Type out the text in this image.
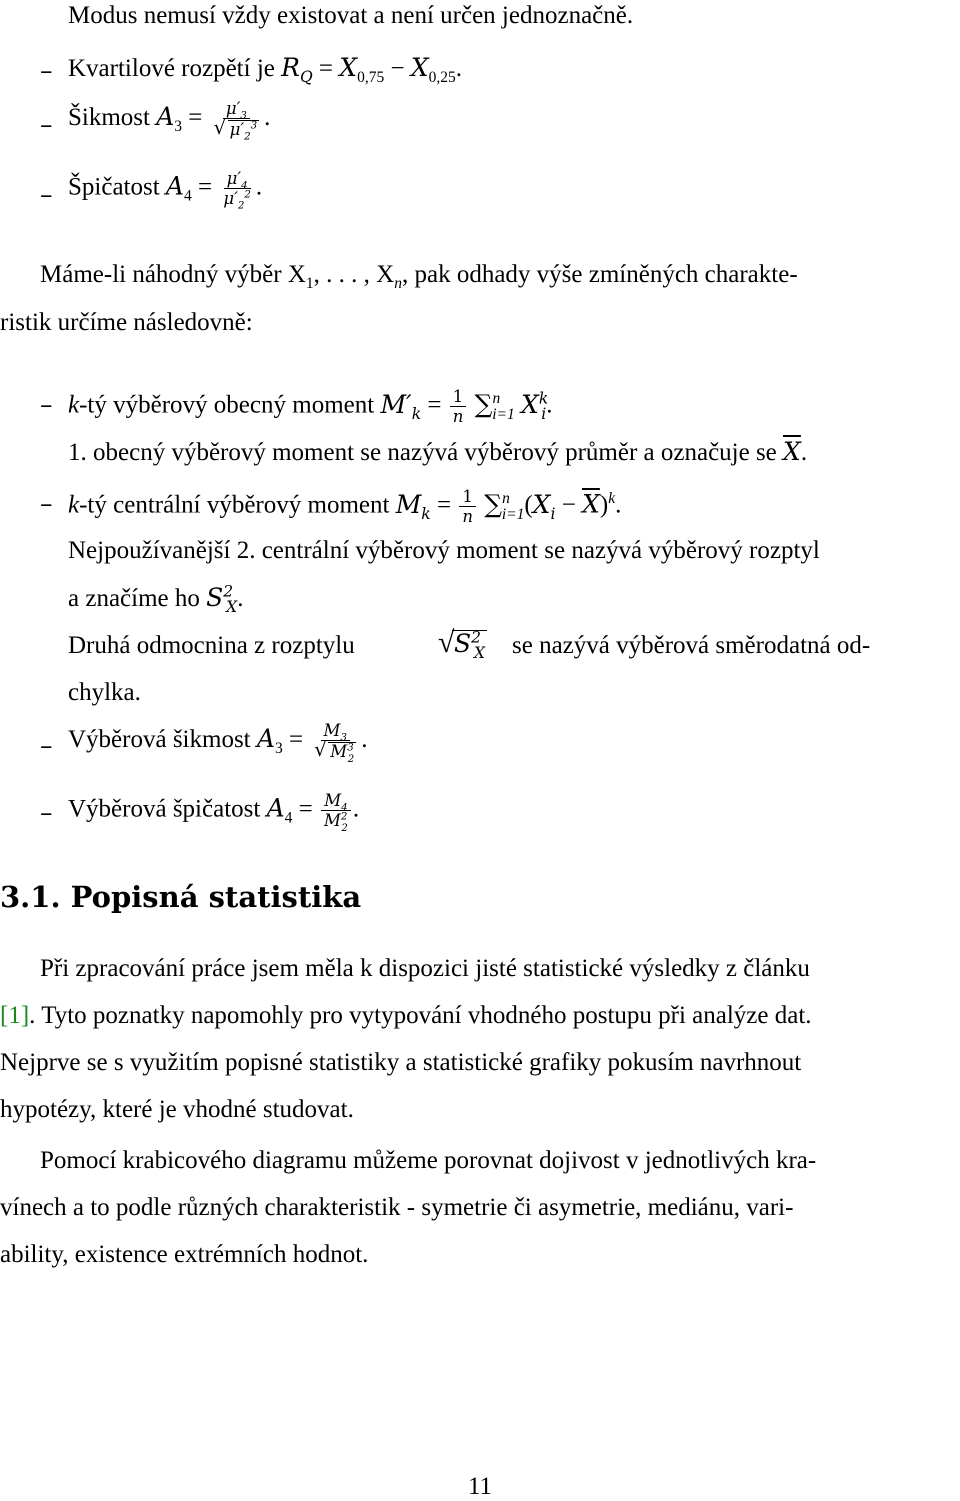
Modus nemusí vždy existovat a není určen jednoznačně.
– Kvartilové rozpětí je $R_Q = X_{0,75} - X_{0,25}$.
– Šikmost $A_3 = \mu'_3$
√ $\mu'_2^3$ .
– Špičatost $A_4 = \frac{\mu'_4}{\mu'_2^2}$ .
Máme-li náhodný výběr $X_1$, . . . , $X_n$, pak odhady výše zmíněných charakte-
ristik určíme následovně:
– k-tý výběrový obecný moment $M'_k = \frac{1}{n} \sum^n_{i=1}$ $X^k_i$.
1. obecný výběrový moment se nazývá výběrový průměr a označuje se $\overline{X}$.
– k-tý centrální výběrový moment $M_k = \frac{1}{n} \sum^n_{i=1}(X_i - \overline{X})^k$.
Nejpoužívanější 2. centrální výběrový moment se nazývá výběrový rozptyl
a značíme ho $S^2_X$.
Druhá odmocnina z rozptylu	√ $S^2_X$ se nazývá výběrová směrodatná od-
chylka.
– Výběrová šikmost $A_3 = M_3$
√ $M^3_2$ .
– Výběrová špičatost $A_4 = \frac{M_4}{M^2_2}$ .
3.1. Popisná statistika
Při zpracování práce jsem měla k dispozici jisté statistické výsledky z článku
[1]. Tyto poznatky napomohly pro vytypování vhodného postupu při analýze dat.
Nejprve se s využitím popisné statistiky a statistické grafiky pokusím navrhnout
hypotézy, které je vhodné studovat.
Pomocí krabicového diagramu můžeme porovnat dojivost v jednotlivých kra-
vínech a to podle různých charakteristik - symetrie či asymetrie, mediánu, vari-
ability, existence extrémních hodnot.
11
